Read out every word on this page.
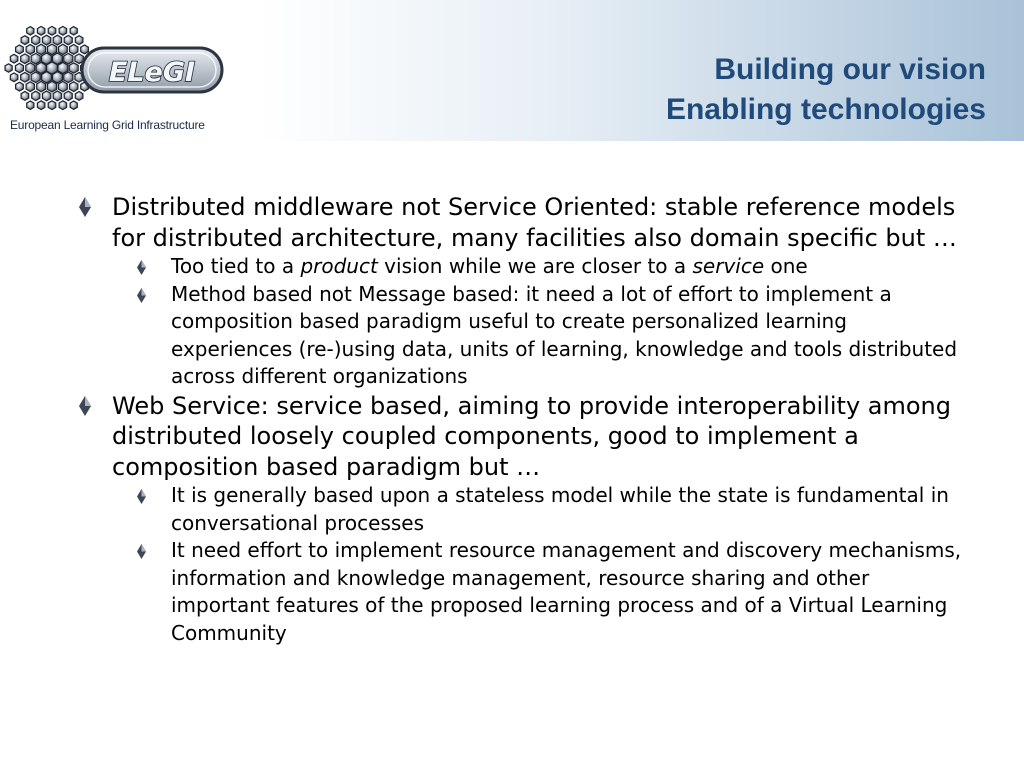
ELeGI
European Learning Grid Infrastructure
Building our vision
Enabling technologies
Distributed middleware not Service Oriented: stable reference models for distributed architecture, many facilities also domain specific but …
Too tied to a product vision while we are closer to a service one
Method based not Message based: it need a lot of effort to implement a composition based paradigm useful to create personalized learning experiences (re-)using data, units of learning, knowledge and tools distributed across different organizations
Web Service: service based, aiming to provide interoperability among distributed loosely coupled components, good to implement a composition based paradigm but …
It is generally based upon a stateless model while the state is fundamental in conversational processes
It need effort to implement resource management and discovery mechanisms, information and knowledge management, resource sharing and other important features of the proposed learning process and of a Virtual Learning Community
